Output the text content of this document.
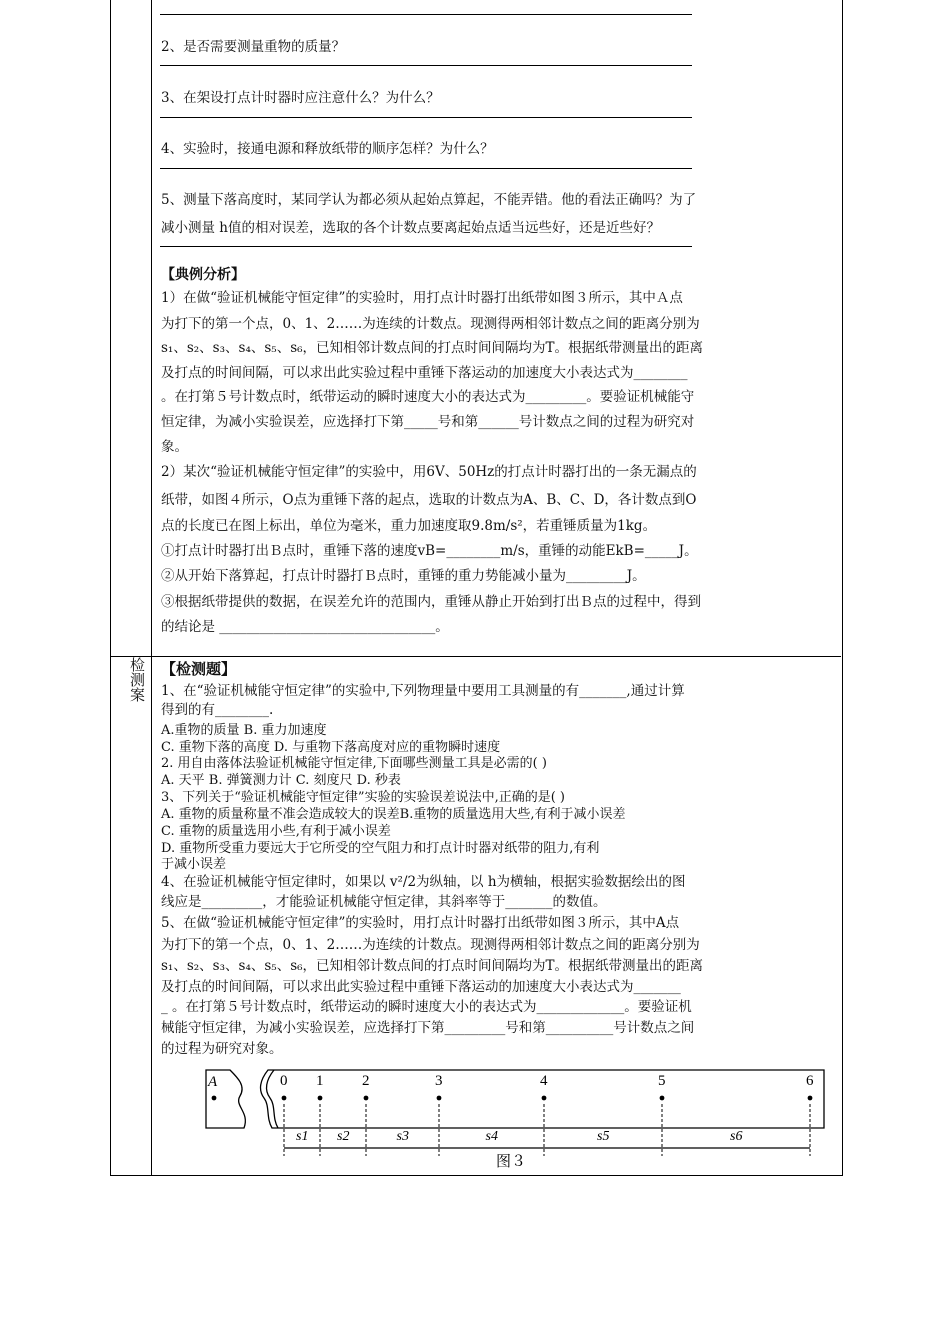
检测案
2、是否需要测量重物的质量？
3、在架设打点计时器时应注意什么？为什么？
4、实验时，接通电源和释放纸带的顺序怎样？为什么？
5、测量下落高度时，某同学认为都必须从起始点算起，不能弄错。他的看法正确吗？为了
减小测量 h值的相对误差，选取的各个计数点要离起始点适当远些好，还是近些好？
【典例分析】
1）在做“验证机械能守恒定律”的实验时，用打点计时器打出纸带如图３所示，其中Ａ点
为打下的第一个点，0、1、2……为连续的计数点。现测得两相邻计数点之间的距离分别为
s₁、s₂、s₃、s₄、s₅、s₆，已知相邻计数点间的打点时间间隔均为T。根据纸带测量出的距离
及打点的时间间隔，可以求出此实验过程中重锤下落运动的加速度大小表达式为________
。在打第５号计数点时，纸带运动的瞬时速度大小的表达式为_________。要验证机械能守
恒定律，为减小实验误差，应选择打下第_____号和第______号计数点之间的过程为研究对
象。
2）某次“验证机械能守恒定律”的实验中，用6V、50Hz的打点计时器打出的一条无漏点的
纸带，如图４所示，O点为重锤下落的起点，选取的计数点为A、B、C、D，各计数点到O
点的长度已在图上标出，单位为毫米，重力加速度取9.8m/s²，若重锤质量为1kg。
①打点计时器打出Ｂ点时，重锤下落的速度vB=________m/s，重锤的动能EkB=_____J。
②从开始下落算起，打点计时器打Ｂ点时，重锤的重力势能减小量为_________J。
③根据纸带提供的数据，在误差允许的范围内，重锤从静止开始到打出Ｂ点的过程中，得到
的结论是 ________________________________。
【检测题】
1、在“验证机械能守恒定律”的实验中,下列物理量中要用工具测量的有_______,通过计算
得到的有________.
A.重物的质量 B. 重力加速度
C. 重物下落的高度 D. 与重物下落高度对应的重物瞬时速度
2. 用自由落体法验证机械能守恒定律,下面哪些测量工具是必需的( )
A. 天平 B. 弹簧测力计 C. 刻度尺 D. 秒表
3、下列关于“验证机械能守恒定律”实验的实验误差说法中,正确的是( )
A. 重物的质量称量不准会造成较大的误差B.重物的质量选用大些,有利于减小误差
C. 重物的质量选用小些,有利于减小误差
D. 重物所受重力要远大于它所受的空气阻力和打点计时器对纸带的阻力,有利
于减小误差
4、在验证机械能守恒定律时，如果以 v²/2为纵轴，以 h为横轴，根据实验数据绘出的图
线应是_________，才能验证机械能守恒定律，其斜率等于_______的数值。
5、在做“验证机械能守恒定律”的实验时，用打点计时器打出纸带如图３所示，其中A点
为打下的第一个点，0、1、2……为连续的计数点。现测得两相邻计数点之间的距离分别为
s₁、s₂、s₃、s₄、s₅、s₆，已知相邻计数点间的打点时间间隔均为T。根据纸带测量出的距离
及打点的时间间隔，可以求出此实验过程中重锤下落运动的加速度大小表达式为_______
_ 。在打第５号计数点时，纸带运动的瞬时速度大小的表达式为_____________。要验证机
械能守恒定律，为减小实验误差，应选择打下第_________号和第__________号计数点之间
的过程为研究对象。
0 1	2	3	4	5	6
s1 s2	s3	s4	s5	s6
A
图３
